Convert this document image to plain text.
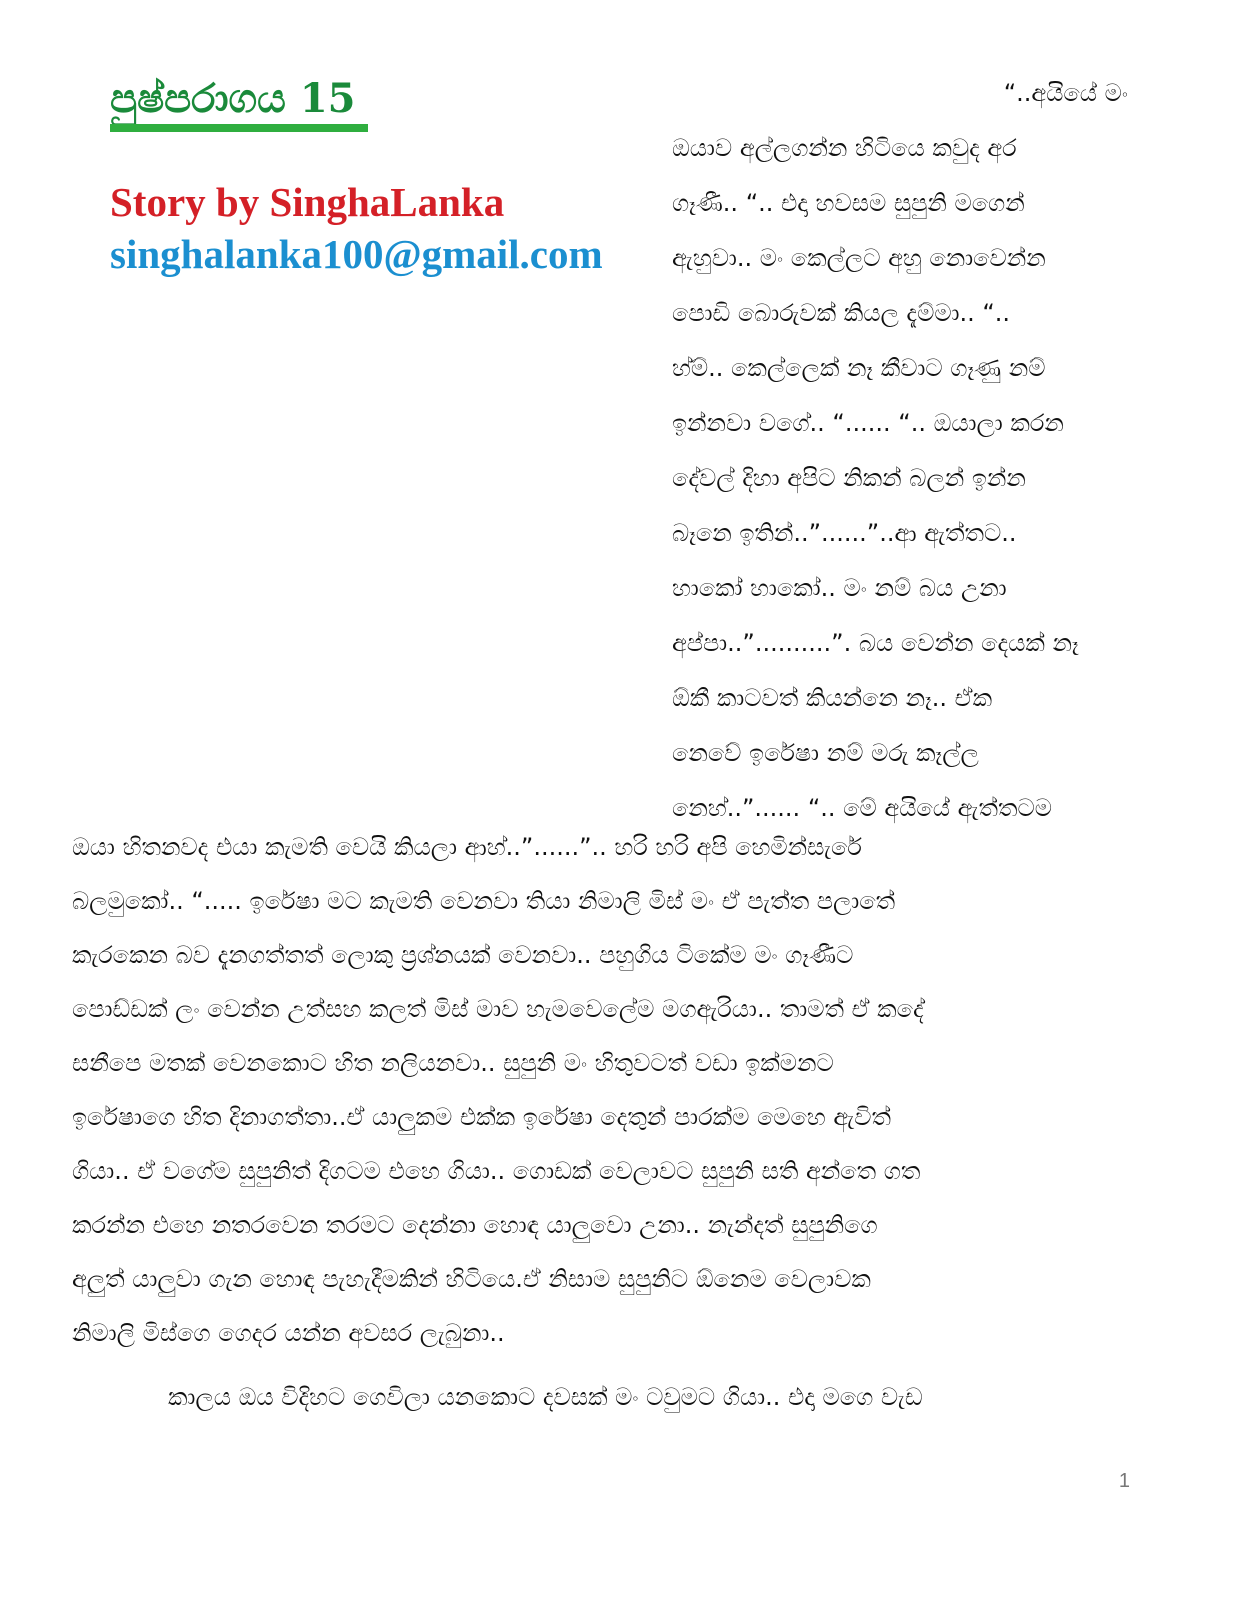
පුෂ්පරාගය 15
Story by SinghaLanka
singhalanka100@gmail.com
“..අයියේ මං
ඔයාව අල්ලගන්න හිටියෙ කවුද අර
ගෑණී.. “.. එදා හවසම සුපුනි මගෙන්
ඇහුවා.. මං කෙල්ලට අහු නොවෙන්න
පොඩි බොරුවක් කියල දැම්මා.. “..
හ්ම්.. කෙල්ලෙක් නෑ කීවාට ගෑණු නම්
ඉන්නවා වගේ.. “...... “.. ඔයාලා කරන
දේවල් දිහා අපිට නිකන් බලන් ඉන්න
බෑනෙ ඉතින්..”......”..ආ ඇත්තට..
හාකෝ හාකෝ.. මං නම් බය උනා
අප්පා..”..........”. බය වෙන්න දෙයක් නෑ
ඕකී කාටවත් කියන්නෙ නෑ.. ඒක
නෙවේ ඉරේෂා නම් මරු කෑල්ල
නෙහ්..”...... “.. මේ අයියේ ඇත්තටම
ඔයා හිතනවද එයා කැමති වෙයි කියලා ආහ්..”......”.. හරි හරි අපි හෙමින්සැරේ
බලමුකෝ.. “..... ඉරේෂා මට කැමති වෙනවා තියා නිමාලි මිස් මං ඒ පැත්ත පලාතේ
කැරකෙන බව දැනගත්තත් ලොකු ප්‍රශ්නයක් වෙනවා.. පහුගිය ටිකේම මං ගෑණීට
පොඩ්ඩක් ලං වෙන්න උත්සහ කලත් මිස් මාව හැමවෙලේම මගඇරියා.. තාමත් ඒ කදේ
සනීපෙ මතක් වෙනකොට හිත නලියනවා.. සුපුනි මං හිතුවටත් වඩා ඉක්මනට
ඉරේෂාගෙ හිත දිනාගත්තා..ඒ යාලුකම එක්ක ඉරේෂා දෙතුන් පාරක්ම මෙහෙ ඇවිත්
ගියා.. ඒ වගේම සුපුනිත් දිගටම එහෙ ගියා.. ගොඩක් වෙලාවට සුපුනි සති අන්තෙ ගත
කරන්න එහෙ නතරවෙන තරමට දෙන්නා හොඳ යාලුවො උනා.. නැන්දත් සුපුනිගෙ
අලුත් යාලුවා ගැන හොඳ පැහැදීමකින් හිටියෙ.ඒ නිසාම සුපුනිට ඕනෙම වෙලාවක
නිමාලි මිස්ගෙ ගෙදර යන්න අවසර ලැබුනා..
කාලය ඔය විදිහට ගෙවිලා යනකොට දවසක් මං ටවුමට ගියා.. එදා මගෙ වැඩ
1
